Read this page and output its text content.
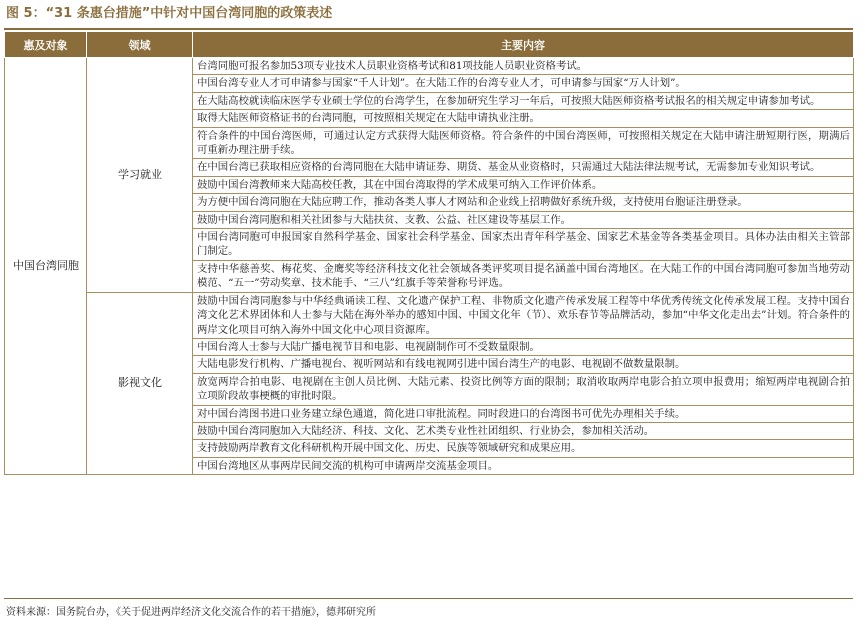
图 5：“31 条惠台措施”中针对中国台湾同胞的政策表述
惠及对象	领域	主要内容
中国台湾同胞	学习就业	台湾同胞可报名参加53项专业技术人员职业资格考试和81项技能人员职业资格考试。
		中国台湾专业人才可申请参与国家“千人计划”。在大陆工作的台湾专业人才，可申请参与国家“万人计划”。
		在大陆高校就读临床医学专业硕士学位的台湾学生，在参加研究生学习一年后，可按照大陆医师资格考试报名的相关规定申请参加考试。
		取得大陆医师资格证书的台湾同胞，可按照相关规定在大陆申请执业注册。
		符合条件的中国台湾医师，可通过认定方式获得大陆医师资格。符合条件的中国台湾医师，可按照相关规定在大陆申请注册短期行医，期满后可重新办理注册手续。
		在中国台湾已获取相应资格的台湾同胞在大陆申请证券、期货、基金从业资格时，只需通过大陆法律法规考试，无需参加专业知识考试。
		鼓励中国台湾教师来大陆高校任教，其在中国台湾取得的学术成果可纳入工作评价体系。
		为方便中国台湾同胞在大陆应聘工作，推动各类人事人才网站和企业线上招聘做好系统升级，支持使用台胞证注册登录。
		鼓励中国台湾同胞和相关社团参与大陆扶贫、支教、公益、社区建设等基层工作。
		中国台湾同胞可申报国家自然科学基金、国家社会科学基金、国家杰出青年科学基金、国家艺术基金等各类基金项目。具体办法由相关主管部门制定。
		支持中华慈善奖、梅花奖、金鹰奖等经济科技文化社会领域各类评奖项目提名涵盖中国台湾地区。在大陆工作的中国台湾同胞可参加当地劳动模范、“五一”劳动奖章、技术能手、“三八”红旗手等荣誉称号评选。
	影视文化	鼓励中国台湾同胞参与中华经典诵读工程、文化遗产保护工程、非物质文化遗产传承发展工程等中华优秀传统文化传承发展工程。支持中国台湾文化艺术界团体和人士参与大陆在海外举办的感知中国、中国文化年（节）、欢乐春节等品牌活动，参加“中华文化走出去”计划。符合条件的两岸文化项目可纳入海外中国文化中心项目资源库。
		中国台湾人士参与大陆广播电视节目和电影、电视剧制作可不受数量限制。
		大陆电影发行机构、广播电视台、视听网站和有线电视网引进中国台湾生产的电影、电视剧不做数量限制。
		放宽两岸合拍电影、电视剧在主创人员比例、大陆元素、投资比例等方面的限制；取消收取两岸电影合拍立项申报费用；缩短两岸电视剧合拍立项阶段故事梗概的审批时限。
		对中国台湾图书进口业务建立绿色通道，简化进口审批流程。同时段进口的台湾图书可优先办理相关手续。
		鼓励中国台湾同胞加入大陆经济、科技、文化、艺术类专业性社团组织、行业协会，参加相关活动。
		支持鼓励两岸教育文化科研机构开展中国文化、历史、民族等领域研究和成果应用。
		中国台湾地区从事两岸民间交流的机构可申请两岸交流基金项目。
资料来源：国务院台办，《关于促进两岸经济文化交流合作的若干措施》，德邦研究所
